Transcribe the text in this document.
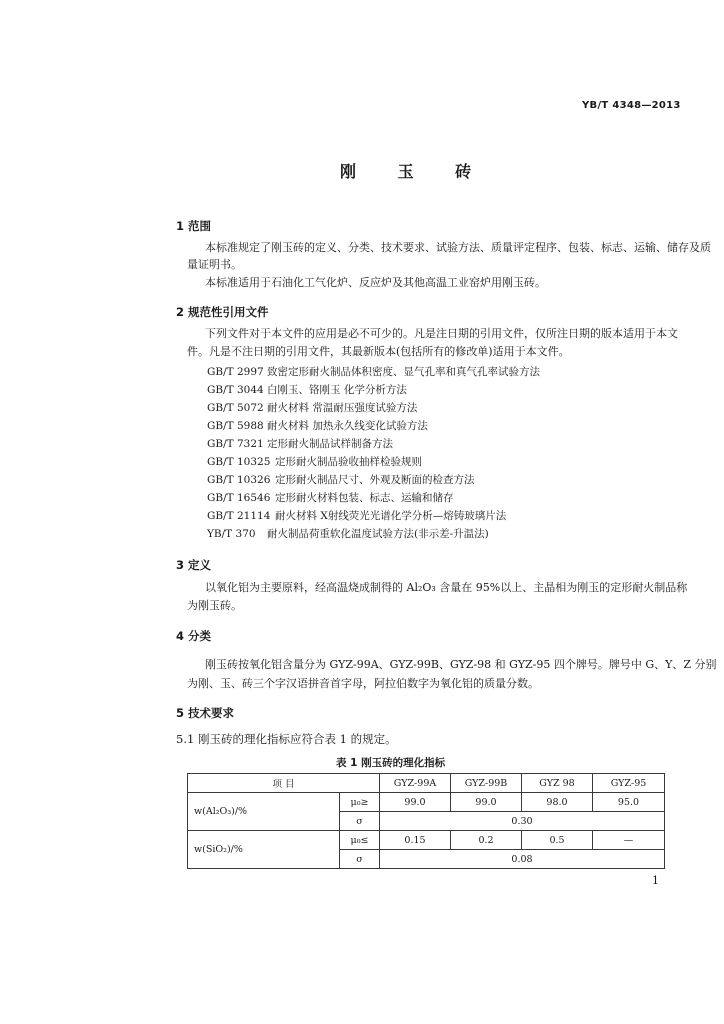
YB/T 4348—2013
刚 玉 砖
1 范围
本标准规定了刚玉砖的定义、分类、技术要求、试验方法、质量评定程序、包装、标志、运输、储存及质
量证明书。
本标准适用于石油化工气化炉、反应炉及其他高温工业窑炉用刚玉砖。
2 规范性引用文件
下列文件对于本文件的应用是必不可少的。凡是注日期的引用文件，仅所注日期的版本适用于本文
件。凡是不注日期的引用文件，其最新版本(包括所有的修改单)适用于本文件。
GB/T 2997 致密定形耐火制品体积密度、显气孔率和真气孔率试验方法
GB/T 3044 白刚玉、铬刚玉 化学分析方法
GB/T 5072 耐火材料 常温耐压强度试验方法
GB/T 5988 耐火材料 加热永久线变化试验方法
GB/T 7321 定形耐火制品试样制备方法
GB/T 10325 定形耐火制品验收抽样检验规则
GB/T 10326 定形耐火制品尺寸、外观及断面的检查方法
GB/T 16546 定形耐火材料包装、标志、运输和储存
GB/T 21114 耐火材料 X射线荧光光谱化学分析—熔铸玻璃片法
YB/T 370 耐火制品荷重软化温度试验方法(非示差-升温法)
3 定义
以氧化铝为主要原料，经高温烧成制得的 Al₂O₃ 含量在 95%以上、主晶相为刚玉的定形耐火制品称
为刚玉砖。
4 分类
刚玉砖按氧化铝含量分为 GYZ-99A、GYZ-99B、GYZ-98 和 GYZ-95 四个牌号。牌号中 G、Y、Z 分别
为刚、玉、砖三个字汉语拼音首字母，阿拉伯数字为氧化铝的质量分数。
5 技术要求
5.1 刚玉砖的理化指标应符合表 1 的规定。
表 1 刚玉砖的理化指标
项 目		GYZ-99A	GYZ-99B	GYZ 98	GYZ-95
w(Al₂O₃)/%	μ₀≥	99.0	99.0	98.0	95.0
	σ	0.30			
w(SiO₂)/%	μ₀≤	0.15	0.2	0.5	—
	σ	0.08			
1
